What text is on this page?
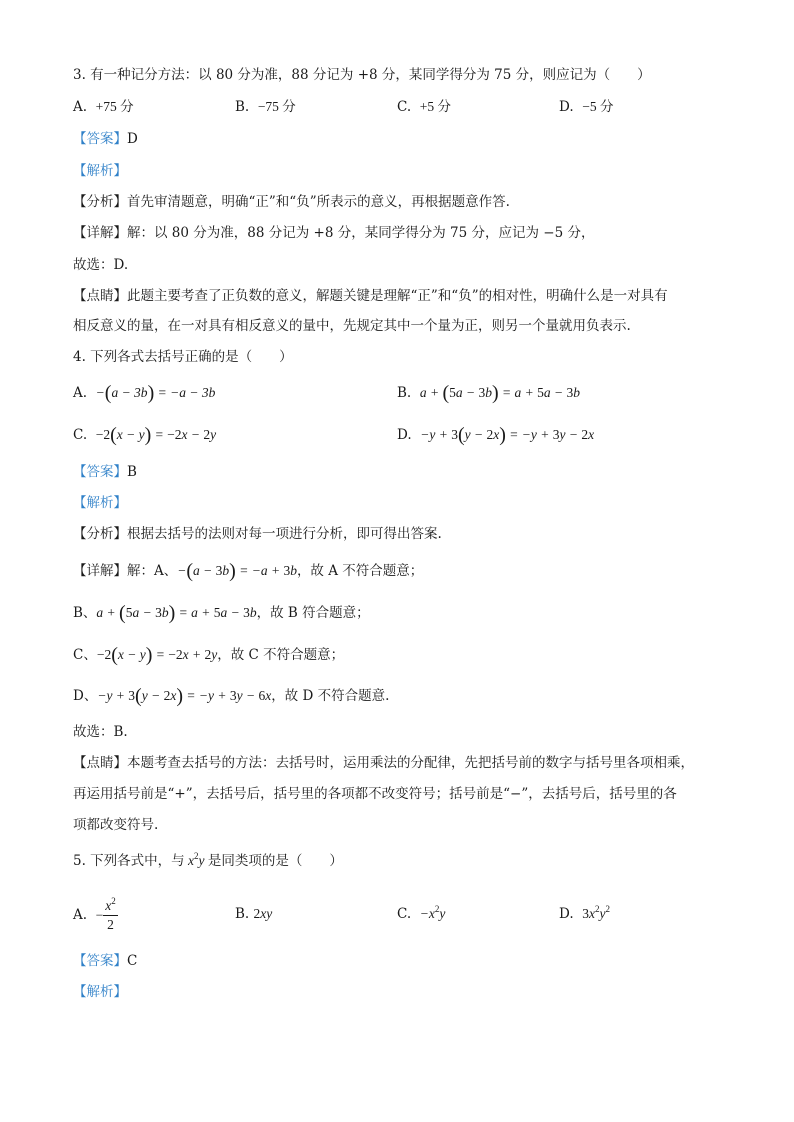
3. 有一种记分方法：以 80 分为准，88 分记为 +8 分，某同学得分为 75 分，则应记为（　　）
A. +75 分	B. −75 分	C. +5 分	D. −5 分
【答案】D
【解析】
【分析】首先审清题意，明确“正”和“负”所表示的意义，再根据题意作答.
【详解】解：以 80 分为准，88 分记为 +8 分，某同学得分为 75 分，应记为 −5 分，
故选：D.
【点睛】此题主要考查了正负数的意义，解题关键是理解“正”和“负”的相对性，明确什么是一对具有
相反意义的量，在一对具有相反意义的量中，先规定其中一个量为正，则另一个量就用负表示.
4. 下列各式去括号正确的是（　　）
A. −(a − 3b) = −a − 3b	B. a + (5a − 3b) = a + 5a − 3b
C. −2(x − y) = −2x − 2y	D. −y + 3(y − 2x) = −y + 3y − 2x
【答案】B
【解析】
【分析】根据去括号的法则对每一项进行分析，即可得出答案.
【详解】解：A、−(a − 3b) = −a + 3b，故 A 不符合题意；
B、a + (5a − 3b) = a + 5a − 3b，故 B 符合题意；
C、−2(x − y) = −2x + 2y，故 C 不符合题意；
D、−y + 3(y − 2x) = −y + 3y − 6x，故 D 不符合题意.
故选：B.
【点睛】本题考查去括号的方法：去括号时，运用乘法的分配律，先把括号前的数字与括号里各项相乘，
再运用括号前是“+”，去括号后，括号里的各项都不改变符号；括号前是“−”，去括号后，括号里的各
项都改变符号.
5. 下列各式中，与 $x^2y$ 是同类项的是（　　）
A. − $\frac{x^2}{2}$	B. 2xy	C. $-x^2y$	D. $3x^2y^2$
【答案】C
【解析】
